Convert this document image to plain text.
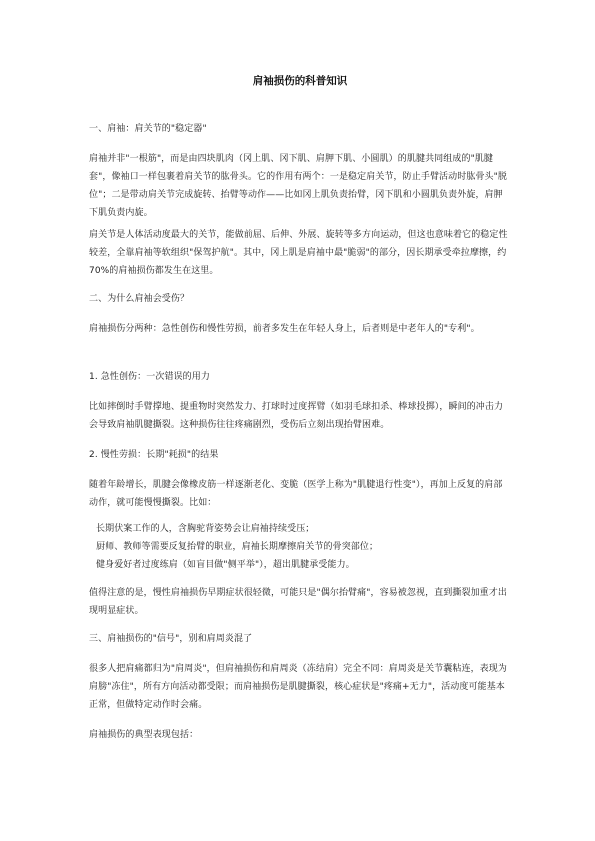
肩袖损伤的科普知识
一、肩袖：肩关节的"稳定器"
肩袖并非"一根筋"，而是由四块肌肉（冈上肌、冈下肌、肩胛下肌、小圆肌）的肌腱共同组成的"肌腱套"，像袖口一样包裹着肩关节的肱骨头。它的作用有两个：一是稳定肩关节，防止手臂活动时肱骨头"脱位"；二是带动肩关节完成旋转、抬臂等动作——比如冈上肌负责抬臂，冈下肌和小圆肌负责外旋，肩胛下肌负责内旋。
肩关节是人体活动度最大的关节，能做前屈、后伸、外展、旋转等多方向运动，但这也意味着它的稳定性较差，全靠肩袖等软组织"保驾护航"。其中，冈上肌是肩袖中最"脆弱"的部分，因长期承受牵拉摩擦，约 70%的肩袖损伤都发生在这里。
二、为什么肩袖会受伤？
肩袖损伤分两种：急性创伤和慢性劳损，前者多发生在年轻人身上，后者则是中老年人的"专利"。
1. 急性创伤：一次错误的用力
比如摔倒时手臂撑地、提重物时突然发力、打球时过度挥臂（如羽毛球扣杀、棒球投掷），瞬间的冲击力会导致肩袖肌腱撕裂。这种损伤往往疼痛剧烈，受伤后立刻出现抬臂困难。
2. 慢性劳损：长期"耗损"的结果
随着年龄增长，肌腱会像橡皮筋一样逐渐老化、变脆（医学上称为"肌腱退行性变"），再加上反复的肩部动作，就可能慢慢撕裂。比如：
长期伏案工作的人，含胸驼背姿势会让肩袖持续受压；
厨师、教师等需要反复抬臂的职业，肩袖长期摩擦肩关节的骨突部位；
健身爱好者过度练肩（如盲目做"侧平举"），超出肌腱承受能力。
值得注意的是，慢性肩袖损伤早期症状很轻微，可能只是"偶尔抬臂痛"，容易被忽视，直到撕裂加重才出现明显症状。
三、肩袖损伤的"信号"，别和肩周炎混了
很多人把肩痛都归为"肩周炎"，但肩袖损伤和肩周炎（冻结肩）完全不同：肩周炎是关节囊粘连，表现为肩膀"冻住"，所有方向活动都受限；而肩袖损伤是肌腱撕裂，核心症状是"疼痛+无力"，活动度可能基本正常，但做特定动作时会痛。
肩袖损伤的典型表现包括：
